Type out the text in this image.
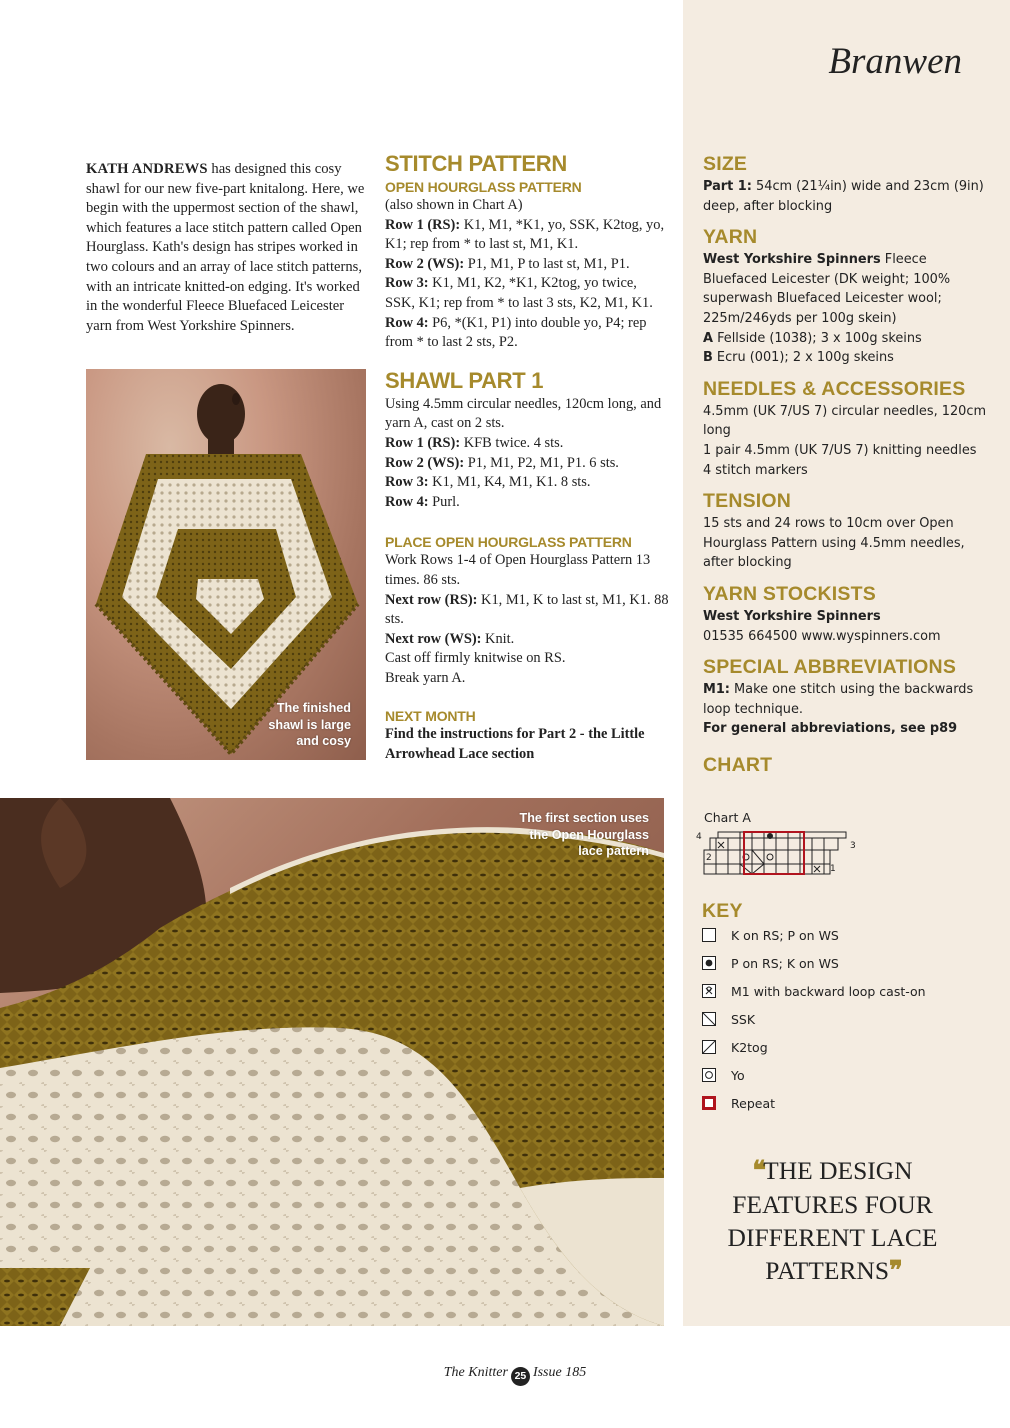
Branwen

KATH ANDREWS has designed this cosy shawl for our new five-part knitalong. Here, we begin with the uppermost section of the shawl, which features a lace stitch pattern called Open Hourglass. Kath's design has stripes worked in two colours and an array of lace stitch patterns, with an intricate knitted-on edging. It's worked in the wonderful Fleece Bluefaced Leicester yarn from West Yorkshire Spinners.

The finished
shawl is large
and cosy

STITCH PATTERN
OPEN HOURGLASS PATTERN

(also shown in Chart A)

Row 1 (RS): K1, M1, *K1, yo, SSK, K2tog, yo, K1; rep from * to last st, M1, K1.

Row 2 (WS): P1, M1, P to last st, M1, P1.

Row 3: K1, M1, K2, *K1, K2tog, yo twice, SSK, K1; rep from * to last 3 sts, K2, M1, K1.

Row 4: P6, *(K1, P1) into double yo, P4; rep from * to last 2 sts, P2.

SHAWL PART 1

Using 4.5mm circular needles, 120cm long, and yarn A, cast on 2 sts.

Row 1 (RS): KFB twice. 4 sts.

Row 2 (WS): P1, M1, P2, M1, P1. 6 sts.

Row 3: K1, M1, K4, M1, K1. 8 sts.

Row 4: Purl.

PLACE OPEN HOURGLASS PATTERN

Work Rows 1-4 of Open Hourglass Pattern 13 times. 86 sts.

Next row (RS): K1, M1, K to last st, M1, K1. 88 sts.

Next row (WS): Knit.

Cast off firmly knitwise on RS.

Break yarn A.

NEXT MONTH

Find the instructions for Part 2 - the Little Arrowhead Lace section

The first section uses
the Open Hourglass
lace pattern

SIZE

Part 1: 54cm (21¼in) wide and 23cm (9in) deep, after blocking

YARN

West Yorkshire Spinners Fleece Bluefaced Leicester (DK weight; 100% superwash Bluefaced Leicester wool; 225m/246yds per 100g skein)

A Fellside (1038); 3 x 100g skeins

B Ecru (001); 2 x 100g skeins

NEEDLES & ACCESSORIES

4.5mm (UK 7/US 7) circular needles, 120cm long

1 pair 4.5mm (UK 7/US 7) knitting needles

4 stitch markers

TENSION

15 sts and 24 rows to 10cm over Open Hourglass Pattern using 4.5mm needles, after blocking

YARN STOCKISTS

West Yorkshire Spinners

01535 664500 www.wyspinners.com

SPECIAL ABBREVIATIONS

M1: Make one stitch using the backwards loop technique.

For general abbreviations, see p89

CHART

Chart A

4
2
3
1
KEY
K on RS; P on WS
P on RS; K on WS
M1 with backward loop cast-on
SSK
K2tog
Yo
Repeat

❛❛THE DESIGN FEATURES FOUR DIFFERENT LACE PATTERNS❜❜

The Knitter 25 Issue 185
